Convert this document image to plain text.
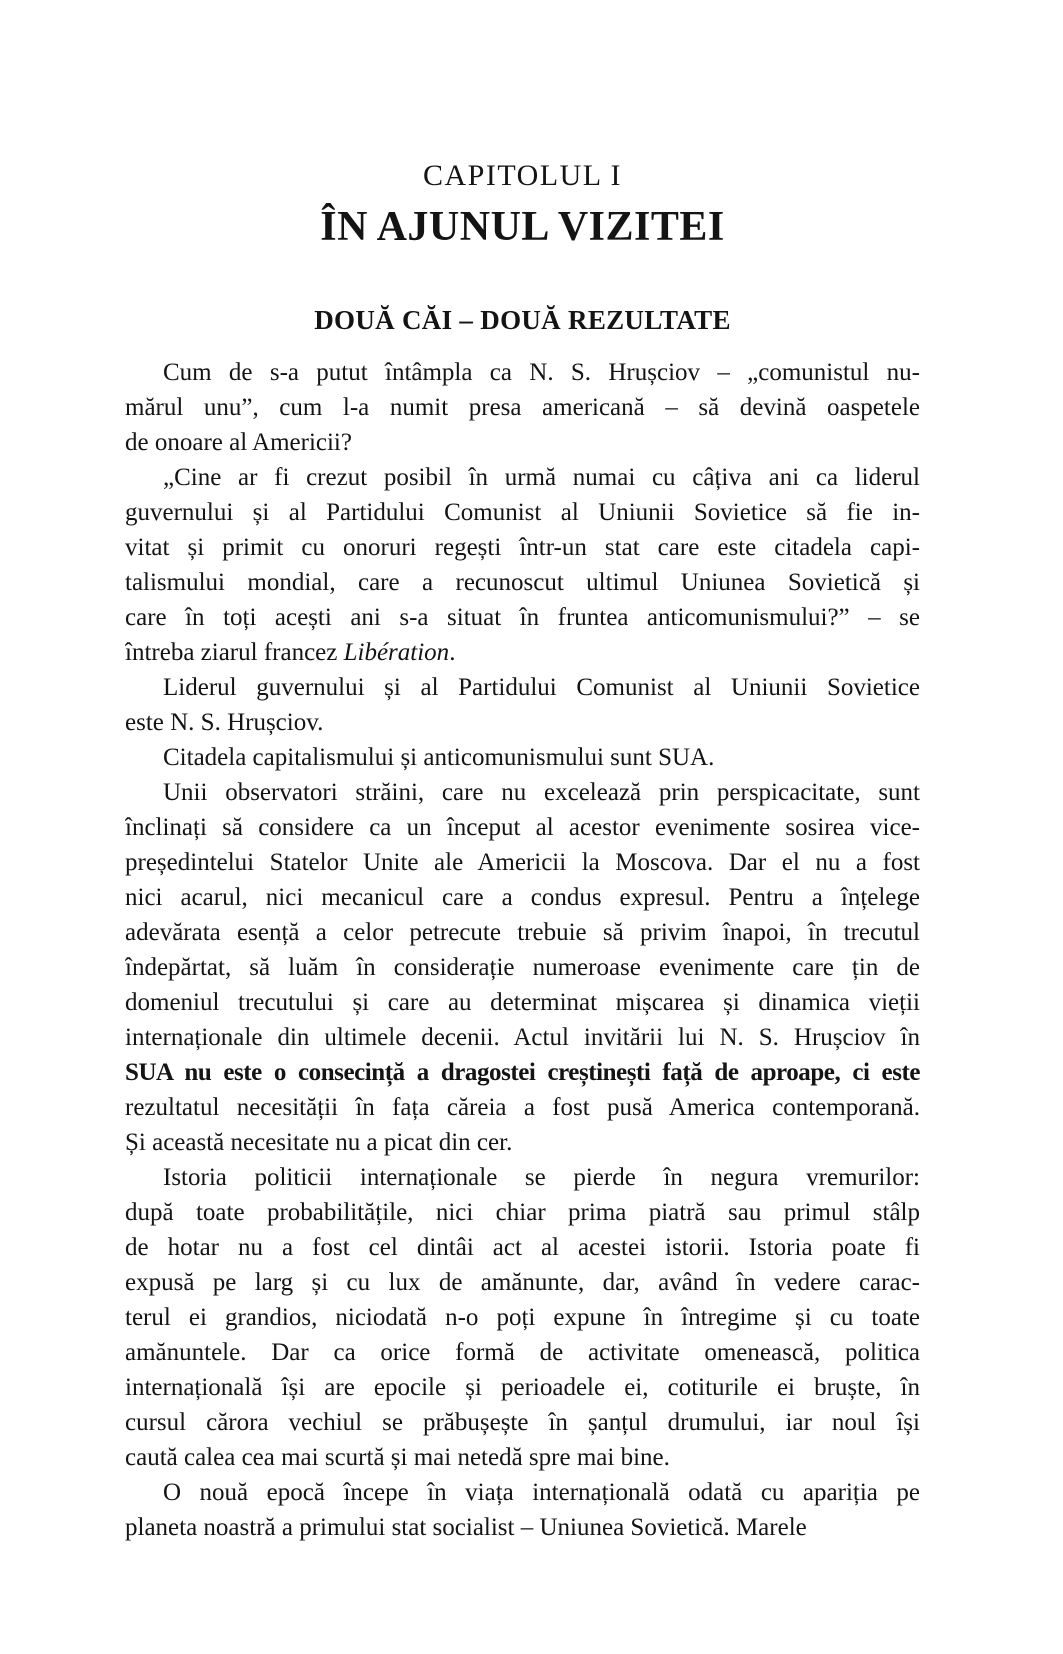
CAPITOLUL I
ÎN AJUNUL VIZITEI
DOUĂ CĂI – DOUĂ REZULTATE
Cum de s-a putut întâmpla ca N. S. Hrușciov – „comunistul nu-
mărul unu”, cum l-a numit presa americană – să devină oaspetele
de onoare al Americii?
„Cine ar fi crezut posibil în urmă numai cu câțiva ani ca liderul
guvernului și al Partidului Comunist al Uniunii Sovietice să fie in-
vitat și primit cu onoruri regești într-un stat care este citadela capi-
talismului mondial, care a recunoscut ultimul Uniunea Sovietică și
care în toți acești ani s-a situat în fruntea anticomunismului?” – se
întreba ziarul francez Libération.
Liderul guvernului și al Partidului Comunist al Uniunii Sovietice
este N. S. Hrușciov.
Citadela capitalismului și anticomunismului sunt SUA.
Unii observatori străini, care nu excelează prin perspicacitate, sunt
înclinați să considere ca un început al acestor evenimente sosirea vice-
președintelui Statelor Unite ale Americii la Moscova. Dar el nu a fost
nici acarul, nici mecanicul care a condus expresul. Pentru a înțelege
adevărata esență a celor petrecute trebuie să privim înapoi, în trecutul
îndepărtat, să luăm în considerație numeroase evenimente care țin de
domeniul trecutului și care au determinat mișcarea și dinamica vieții
internaționale din ultimele decenii. Actul invitării lui N. S. Hrușciov în
SUA nu este o consecință a dragostei creștinești față de aproape, ci este
rezultatul necesității în fața căreia a fost pusă America contemporană.
Și această necesitate nu a picat din cer.
Istoria politicii internaționale se pierde în negura vremurilor:
după toate probabilitățile, nici chiar prima piatră sau primul stâlp
de hotar nu a fost cel dintâi act al acestei istorii. Istoria poate fi
expusă pe larg și cu lux de amănunte, dar, având în vedere carac-
terul ei grandios, niciodată n-o poți expune în întregime și cu toate
amănuntele. Dar ca orice formă de activitate omenească, politica
internațională își are epocile și perioadele ei, cotiturile ei bruște, în
cursul cărora vechiul se prăbușește în șanțul drumului, iar noul își
caută calea cea mai scurtă și mai netedă spre mai bine.
O nouă epocă începe în viața internațională odată cu apariția pe
planeta noastră a primului stat socialist – Uniunea Sovietică. Marele
